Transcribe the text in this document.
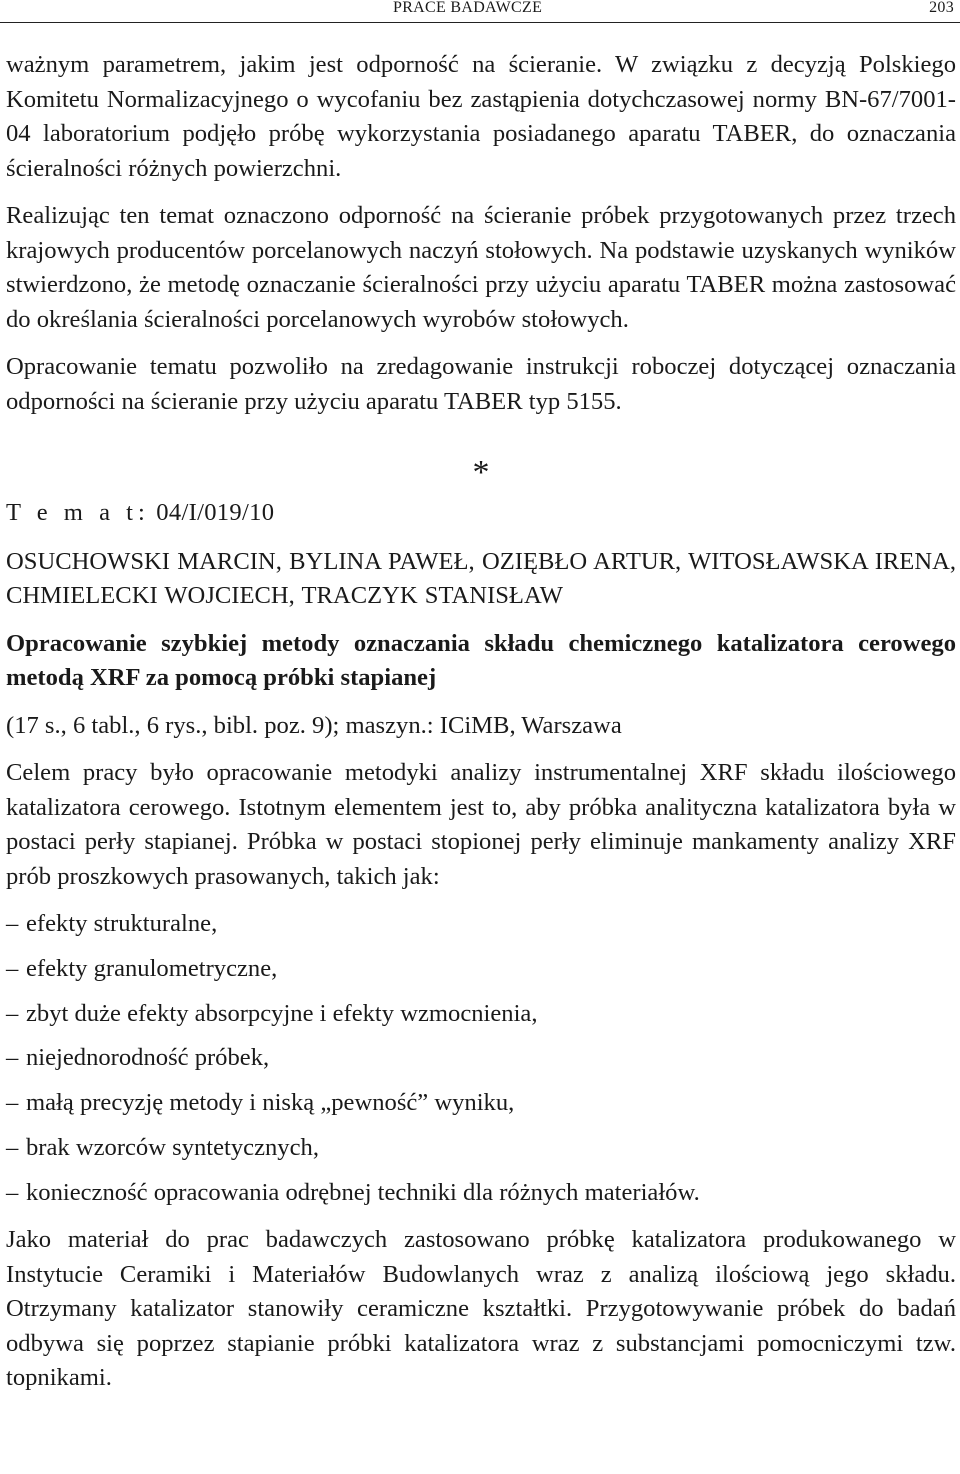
PRACE BADAWCZE	203

ważnym parametrem, jakim jest odporność na ścieranie. W związku z decyzją Polskiego Komitetu Normalizacyjnego o wycofaniu bez zastąpienia dotychczasowej normy BN-67/7001-04 laboratorium podjęło próbę wykorzystania posiadanego aparatu TABER, do oznaczania ścieralności różnych powierzchni.

Realizując ten temat oznaczono odporność na ścieranie próbek przygotowanych przez trzech krajowych producentów porcelanowych naczyń stołowych. Na podstawie uzyskanych wyników stwierdzono, że metodę oznaczanie ścieralności przy użyciu aparatu TABER można zastosować do określania ścieralności porcelanowych wyrobów stołowych.

Opracowanie tematu pozwoliło na zredagowanie instrukcji roboczej dotyczącej oznaczania odporności na ścieranie przy użyciu aparatu TABER typ 5155.

*
T e m a t: 04/I/019/10

OSUCHOWSKI MARCIN, BYLINA PAWEŁ, OZIĘBŁO ARTUR, WITOSŁAWSKA IRENA, CHMIELECKI WOJCIECH, TRACZYK STANISŁAW

Opracowanie szybkiej metody oznaczania składu chemicznego katalizatora cerowego metodą XRF za pomocą próbki stapianej

(17 s., 6 tabl., 6 rys., bibl. poz. 9); maszyn.: ICiMB, Warszawa

Celem pracy było opracowanie metodyki analizy instrumentalnej XRF składu ilościowego katalizatora cerowego. Istotnym elementem jest to, aby próbka analityczna katalizatora była w postaci perły stapianej. Próbka w postaci stopionej perły eliminuje mankamenty analizy XRF prób proszkowych prasowanych, takich jak:

– efekty strukturalne,
– efekty granulometryczne,
– zbyt duże efekty absorpcyjne i efekty wzmocnienia,
– niejednorodność próbek,
– małą precyzję metody i niską „pewność” wyniku,
– brak wzorców syntetycznych,
– konieczność opracowania odrębnej techniki dla różnych materiałów.

Jako materiał do prac badawczych zastosowano próbkę katalizatora produkowanego w Instytucie Ceramiki i Materiałów Budowlanych wraz z analizą ilościową jego składu. Otrzymany katalizator stanowiły ceramiczne kształtki. Przygotowywanie próbek do badań odbywa się poprzez stapianie próbki katalizatora wraz z substancjami pomocniczymi tzw. topnikami.
